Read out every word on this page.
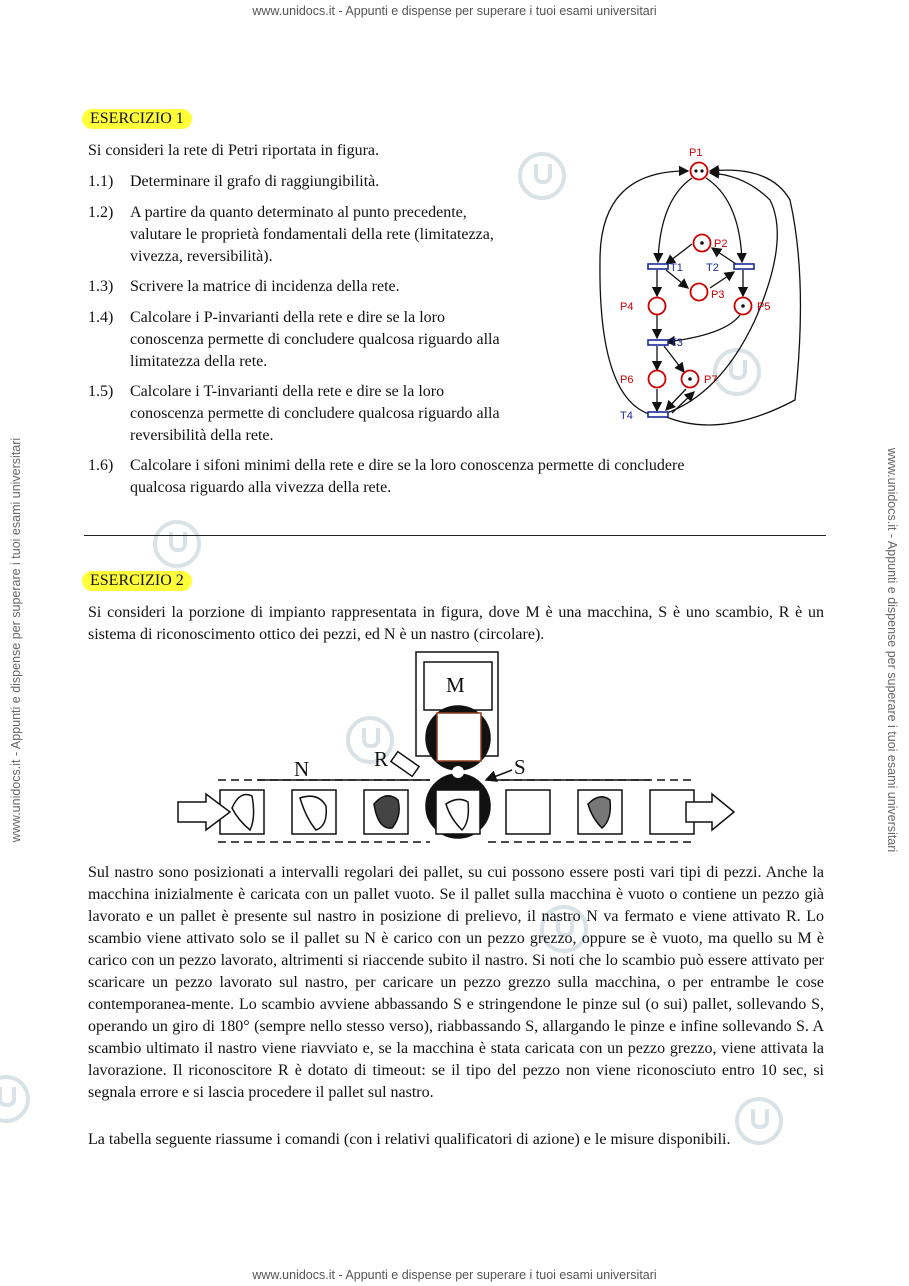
www.unidocs.it - Appunti e dispense per superare i tuoi esami universitari
www.unidocs.it - Appunti e dispense per superare i tuoi esami universitari
www.unidocs.it - Appunti e dispense per superare i tuoi esami universitari	www.unidocs.it - Appunti e dispense per superare i tuoi esami universitari
ESERCIZIO 1
Si consideri la rete di Petri riportata in figura.
1.1)	Determinare il grafo di raggiungibilità.
1.2)	A partire da quanto determinato al punto precedente,
valutare le proprietà fondamentali della rete (limitatezza,
vivezza, reversibilità).
1.3)	Scrivere la matrice di incidenza della rete.
1.4)	Calcolare i P-invarianti della rete e dire se la loro
conoscenza permette di concludere qualcosa riguardo alla
limitatezza della rete.
1.5)	Calcolare i T-invarianti della rete e dire se la loro
conoscenza permette di concludere qualcosa riguardo alla
reversibilità della rete.
1.6)	Calcolare i sifoni minimi della rete e dire se la loro conoscenza permette di concludere
qualcosa riguardo alla vivezza della rete.
P1
P2
P3
P4	P5
P6	P7
T1 T2
T3
T4
ESERCIZIO 2
Si consideri la porzione di impianto rappresentata in figura, dove M è una macchina, S è uno scambio, R è un sistema di riconoscimento ottico dei pezzi, ed N è un nastro (circolare).
M
N	R	S
Sul nastro sono posizionati a intervalli regolari dei pallet, su cui possono essere posti vari tipi di pezzi. Anche la macchina inizialmente è caricata con un pallet vuoto. Se il pallet sulla macchina è vuoto o contiene un pezzo già lavorato e un pallet è presente sul nastro in posizione di prelievo, il nastro N va fermato e viene attivato R. Lo scambio viene attivato solo se il pallet su N è carico con un pezzo grezzo, oppure se è vuoto, ma quello su M è carico con un pezzo lavorato, altrimenti si riaccende subito il nastro. Si noti che lo scambio può essere attivato per scaricare un pezzo lavorato sul nastro, per caricare un pezzo grezzo sulla macchina, o per entrambe le cose contemporanea-mente. Lo scambio avviene abbassando S e stringendone le pinze sul (o sui) pallet, sollevando S, operando un giro di 180° (sempre nello stesso verso), riabbassando S, allargando le pinze e infine sollevando S. A scambio ultimato il nastro viene riavviato e, se la macchina è stata caricata con un pezzo grezzo, viene attivata la lavorazione. Il riconoscitore R è dotato di timeout: se il tipo del pezzo non viene riconosciuto entro 10 sec, si segnala errore e si lascia procedere il pallet sul nastro.
La tabella seguente riassume i comandi (con i relativi qualificatori di azione) e le misure disponibili.
